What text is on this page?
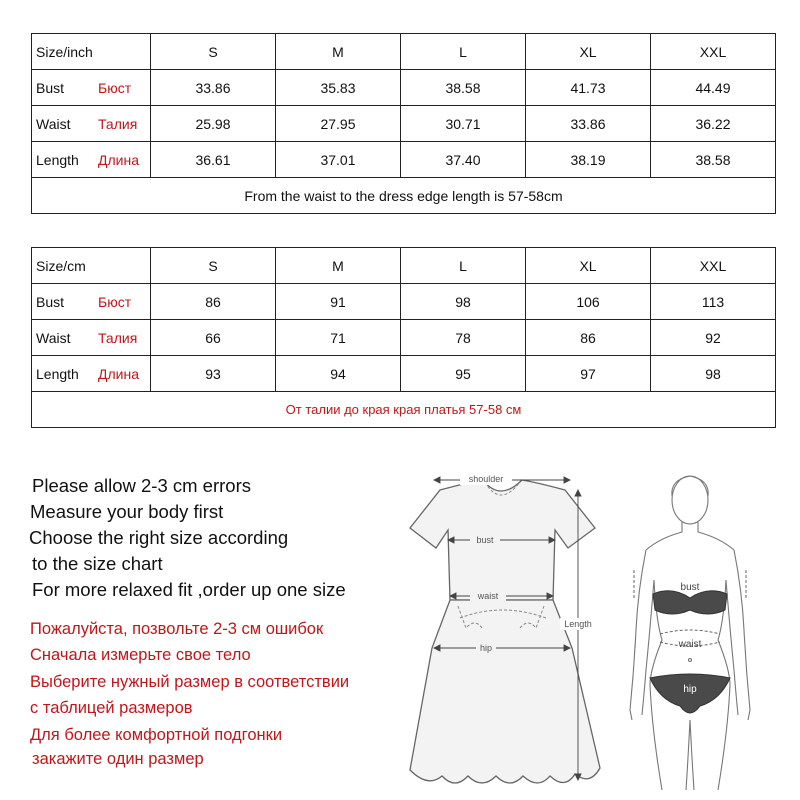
Size/inch	S	M	L	XL	XXL
Bust Бюст	33.86	35.83	38.58	41.73	44.49
Waist Талия	25.98	27.95	30.71	33.86	36.22
Length Длина	36.61	37.01	37.40	38.19	38.58
From the waist to the dress edge length is 57-58cm					
Size/cm	S	M	L	XL	XXL
Bust Бюст	86	91	98	106	113
Waist Талия	66	71	78	86	92
Length Длина	93	94	95	97	98
От талии до края края платья 57-58 см					
Please allow 2-3 cm errors
Measure your body first
Choose the right size according
to the size chart
For more relaxed fit ,order up one size
Пожалуйста, позвольте 2-3 см ошибок
Сначала измерьте свое тело
Выберите нужный размер в соответствии
с таблицей размеров
Для более комфортной подгонки
закажите один размер
shoulder
bust
waist
hip
Length
bust
waist
hip
